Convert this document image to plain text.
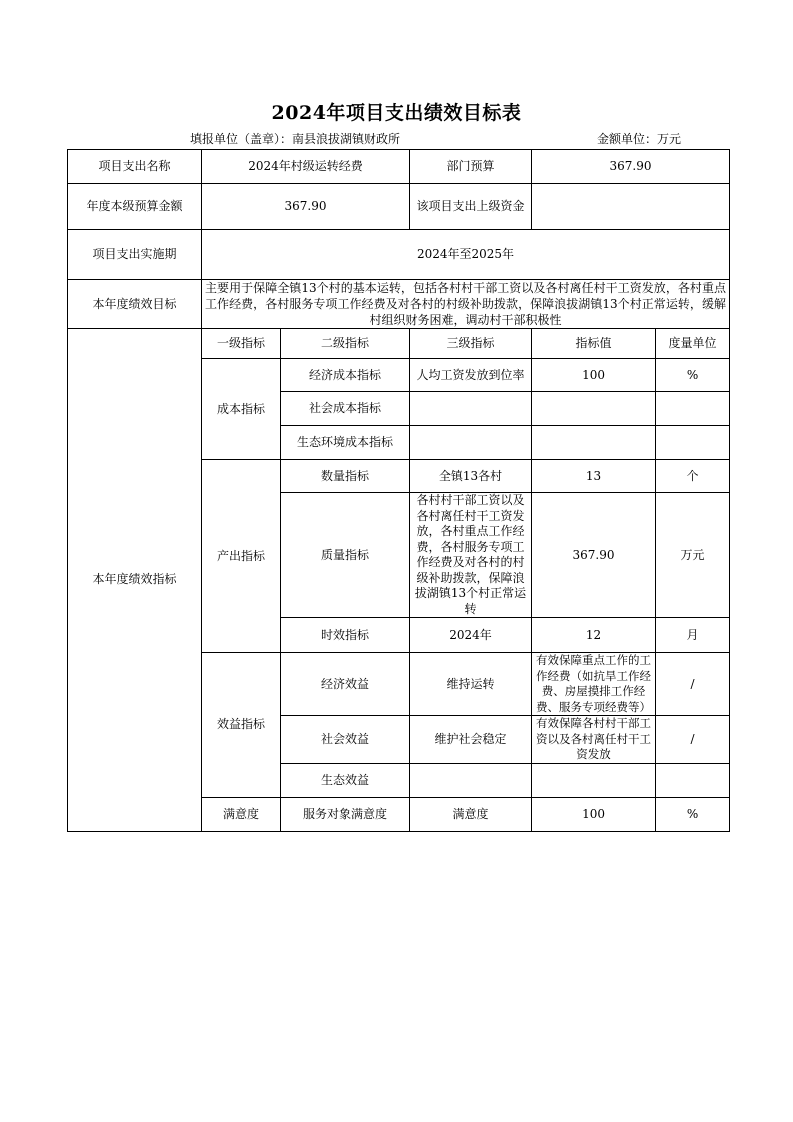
2024年项目支出绩效目标表
填报单位（盖章）：南县浪拔湖镇财政所	金额单位：万元
项目支出名称	2024年村级运转经费		部门预算	367.90	
年度本级预算金额	367.90		该项目支出上级资金		
项目支出实施期	2024年至2025年				
本年度绩效目标	主要用于保障全镇13个村的基本运转，包括各村村干部工资以及各村离任村干工资发放，各村重点工作经费，各村服务专项工作经费及对各村的村级补助拨款，保障浪拔湖镇13个村正常运转，缓解村组织财务困难，调动村干部积极性				
本年度绩效指标	一级指标	二级指标	三级指标	指标值	度量单位
	成本指标	经济成本指标	人均工资发放到位率	100	%
		社会成本指标			
		生态环境成本指标			
	产出指标	数量指标	全镇13各村	13	个
		质量指标	各村村干部工资以及各村离任村干工资发放，各村重点工作经费，各村服务专项工作经费及对各村的村级补助拨款，保障浪拔湖镇13个村正常运转	367.90	万元
		时效指标	2024年	12	月
	效益指标	经济效益	维持运转	有效保障重点工作的工作经费（如抗旱工作经费、房屋摸排工作经费、服务专项经费等）	/
		社会效益	维护社会稳定	有效保障各村村干部工资以及各村离任村干工资发放	/
		生态效益			
	满意度	服务对象满意度	满意度	100	%
